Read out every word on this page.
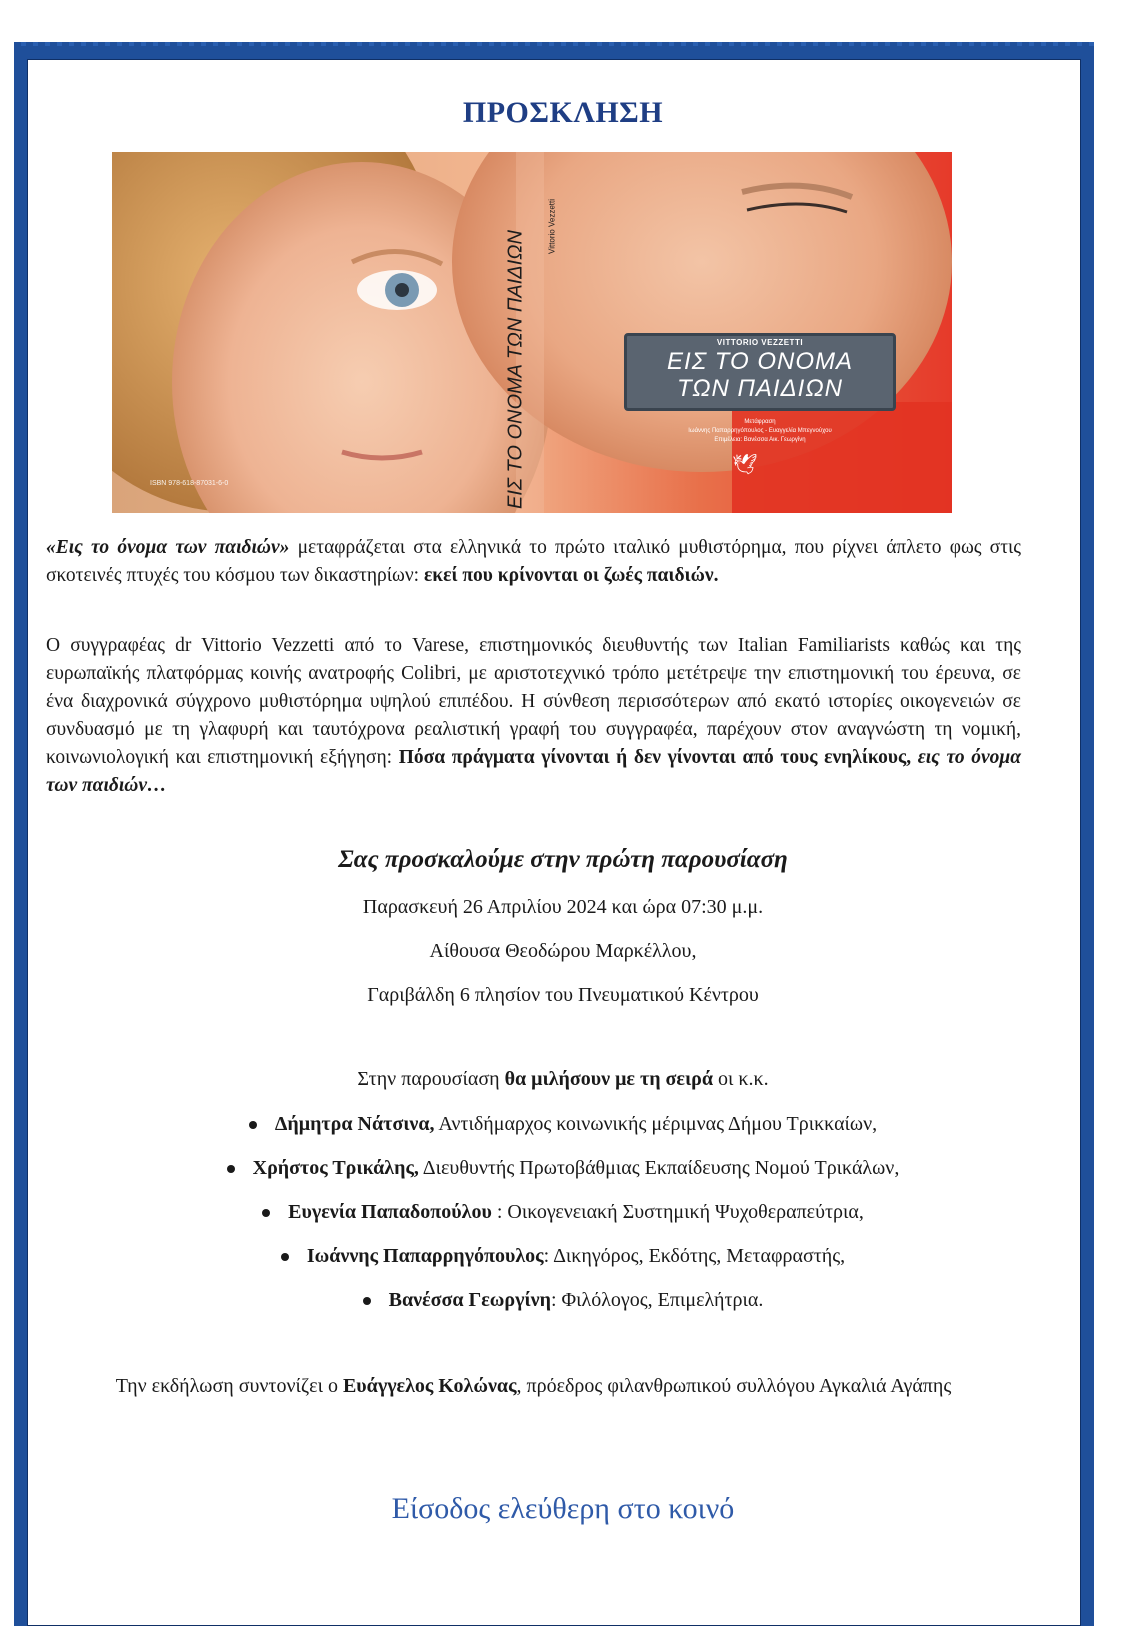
ΠΡΟΣΚΛΗΣΗ
ISBN 978-618-87031-6-0	ΕΙΣ ΤΟ ΟΝΟΜΑ ΤΩΝ ΠΑΙΔΙΩΝ
Vittorio Vezzetti
VITTORIO VEZZETTI
ΕΙΣ ΤΟ ΟΝΟΜΑ
ΤΩΝ ΠΑΙΔΙΩΝ
Μετάφραση
Ιωάννης Παπαρρηγόπουλος - Ευαγγελία Μπεγνούχου
Επιμέλεια: Βανέσσα Αικ. Γεωργίνη
🕊
«Εις το όνομα των παιδιών» μεταφράζεται στα ελληνικά το πρώτο ιταλικό μυθιστόρημα, που ρίχνει άπλετο φως στις σκοτεινές πτυχές του κόσμου των δικαστηρίων: εκεί που κρίνονται οι ζωές παιδιών.
Ο συγγραφέας dr Vittorio Vezzetti από το Varese, επιστημονικός διευθυντής των Italian Familiarists καθώς και της ευρωπαϊκής πλατφόρμας κοινής ανατροφής Colibri, με αριστοτεχνικό τρόπο μετέτρεψε την επιστημονική του έρευνα, σε ένα διαχρονικά σύγχρονο μυθιστόρημα υψηλού επιπέδου. Η σύνθεση περισσότερων από εκατό ιστορίες οικογενειών σε συνδυασμό με τη γλαφυρή και ταυτόχρονα ρεαλιστική γραφή του συγγραφέα, παρέχουν στον αναγνώστη τη νομική, κοινωνιολογική και επιστημονική εξήγηση: Πόσα πράγματα γίνονται ή δεν γίνονται από τους ενηλίκους, εις το όνομα των παιδιών…
Σας προσκαλούμε στην πρώτη παρουσίαση
Παρασκευή 26 Απριλίου 2024 και ώρα 07:30 μ.μ.
Αίθουσα Θεοδώρου Μαρκέλλου,
Γαριβάλδη 6 πλησίον του Πνευματικού Κέντρου
Στην παρουσίαση θα μιλήσουν με τη σειρά οι κ.κ.
Δήμητρα Νάτσινα, Αντιδήμαρχος κοινωνικής μέριμνας Δήμου Τρικκαίων,
Χρήστος Τρικάλης, Διευθυντής Πρωτοβάθμιας Εκπαίδευσης Νομού Τρικάλων,
Ευγενία Παπαδοπούλου : Οικογενειακή Συστημική Ψυχοθεραπεύτρια,
Ιωάννης Παπαρρηγόπουλος: Δικηγόρος, Εκδότης, Μεταφραστής,
Βανέσσα Γεωργίνη: Φιλόλογος, Επιμελήτρια.
Την εκδήλωση συντονίζει ο Ευάγγελος Κολώνας, πρόεδρος φιλανθρωπικού συλλόγου Αγκαλιά Αγάπης
Είσοδος ελεύθερη στο κοινό
